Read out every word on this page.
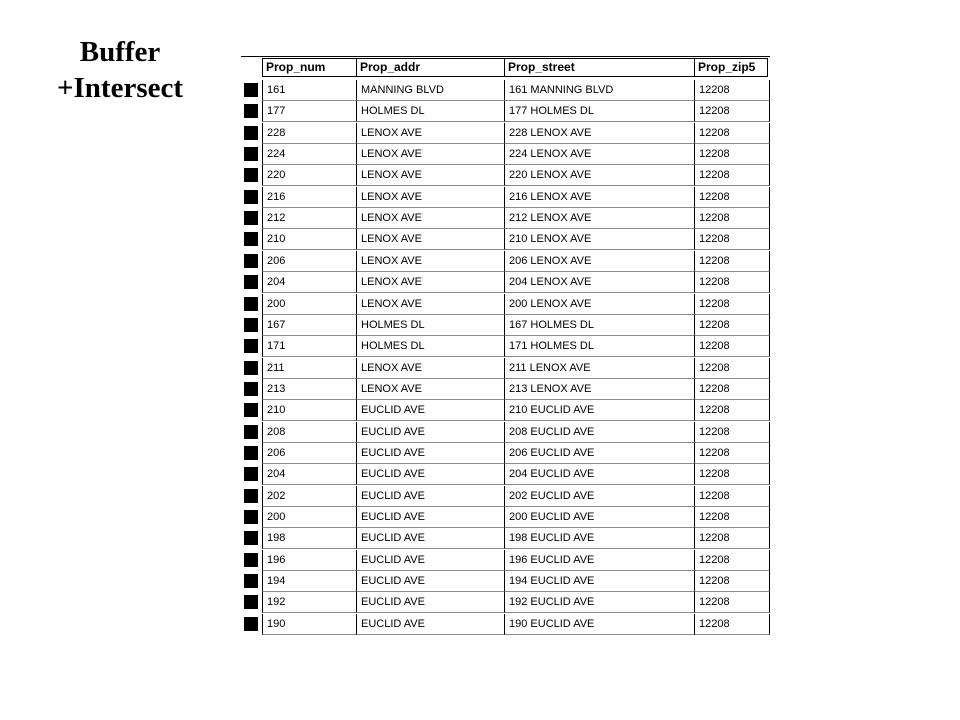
Buffer
+Intersect
Prop_num	Prop_addr	Prop_street	Prop_zip5
161	MANNING BLVD	161 MANNING BLVD	12208
177	HOLMES DL	177 HOLMES DL	12208
228	LENOX AVE	228 LENOX AVE	12208
224	LENOX AVE	224 LENOX AVE	12208
220	LENOX AVE	220 LENOX AVE	12208
216	LENOX AVE	216 LENOX AVE	12208
212	LENOX AVE	212 LENOX AVE	12208
210	LENOX AVE	210 LENOX AVE	12208
206	LENOX AVE	206 LENOX AVE	12208
204	LENOX AVE	204 LENOX AVE	12208
200	LENOX AVE	200 LENOX AVE	12208
167	HOLMES DL	167 HOLMES DL	12208
171	HOLMES DL	171 HOLMES DL	12208
211	LENOX AVE	211 LENOX AVE	12208
213	LENOX AVE	213 LENOX AVE	12208
210	EUCLID AVE	210 EUCLID AVE	12208
208	EUCLID AVE	208 EUCLID AVE	12208
206	EUCLID AVE	206 EUCLID AVE	12208
204	EUCLID AVE	204 EUCLID AVE	12208
202	EUCLID AVE	202 EUCLID AVE	12208
200	EUCLID AVE	200 EUCLID AVE	12208
198	EUCLID AVE	198 EUCLID AVE	12208
196	EUCLID AVE	196 EUCLID AVE	12208
194	EUCLID AVE	194 EUCLID AVE	12208
192	EUCLID AVE	192 EUCLID AVE	12208
190	EUCLID AVE	190 EUCLID AVE	12208
